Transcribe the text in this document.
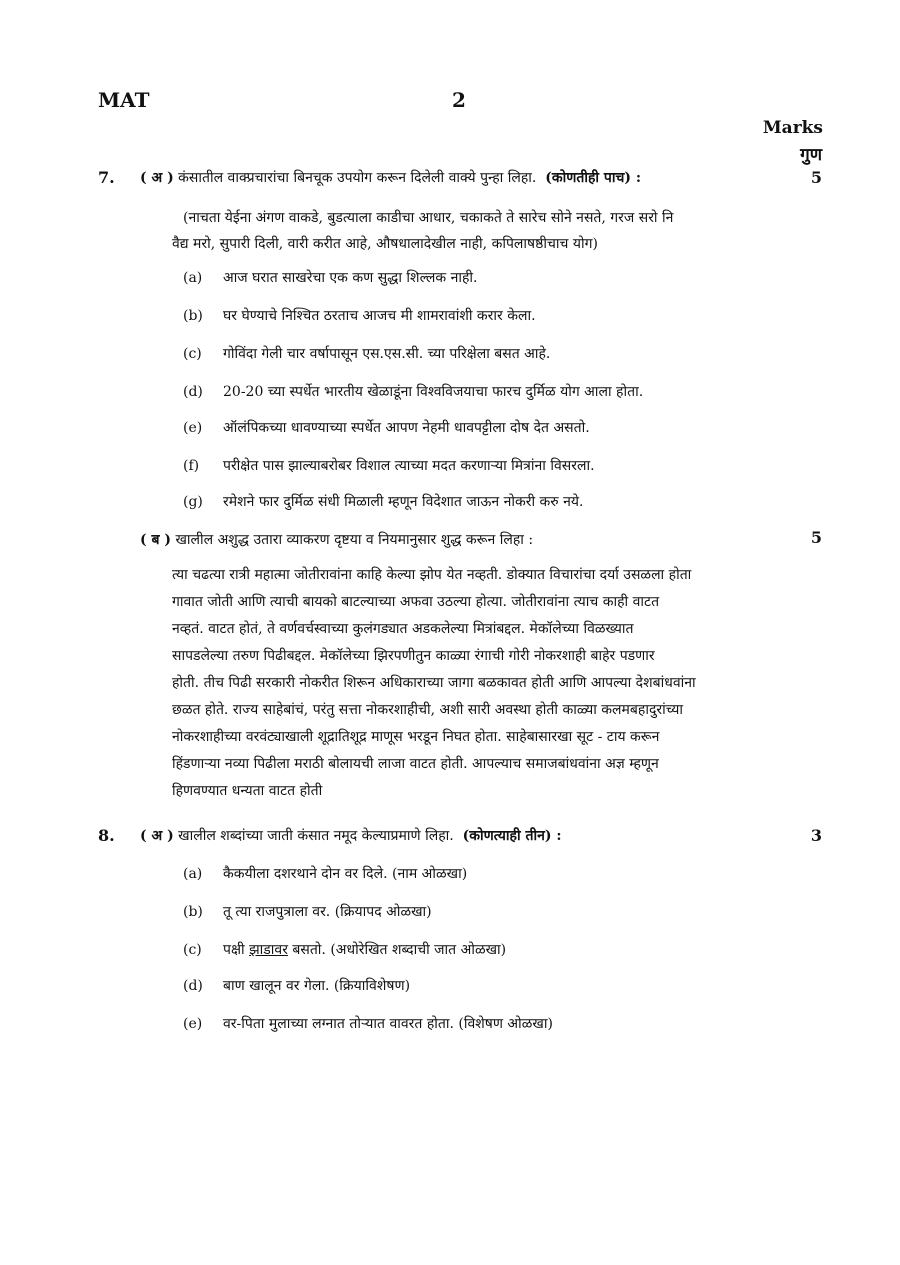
MAT	2
Marks
गुण
7. ( अ ) कंसातील वाक्प्रचारांचा बिनचूक उपयोग करून दिलेली वाक्ये पुन्हा लिहा. (कोणतीही पाच) :	5
(नाचता येईना अंगण वाकडे, बुडत्याला काडीचा आधार, चकाकते ते सारेच सोने नसते, गरज सरो नि
वैद्य मरो, सुपारी दिली, वारी करीत आहे, औषधालादेखील नाही, कपिलाषष्ठीचाच योग)
(a) आज घरात साखरेचा एक कण सुद्धा शिल्लक नाही.
(b) घर घेण्याचे निश्चित ठरताच आजच मी शामरावांशी करार केला.
(c) गोविंदा गेली चार वर्षापासून एस.एस.सी. च्या परिक्षेला बसत आहे.
(d) 20-20 च्या स्पर्धेत भारतीय खेळाडूंना विश्वविजयाचा फारच दुर्मिळ योग आला होता.
(e) ऑलंपिकच्या धावण्याच्या स्पर्धेत आपण नेहमी धावपट्टीला दोष देत असतो.
(f) परीक्षेत पास झाल्याबरोबर विशाल त्याच्या मदत करणाऱ्या मित्रांना विसरला.
(g) रमेशने फार दुर्मिळ संधी मिळाली म्हणून विदेशात जाऊन नोकरी करु नये.
( ब ) खालील अशुद्ध उतारा व्याकरण दृष्टया व नियमानुसार शुद्ध करून लिहा :	5
त्या चढत्या रात्री महात्मा जोतीरावांना काहि केल्या झोप येत नव्हती. डोक्यात विचारांचा दर्या उसळला होता
गावात जोती आणि त्याची बायको बाटल्याच्या अफवा उठल्या होत्या. जोतीरावांना त्याच काही वाटत
नव्हतं. वाटत होतं, ते वर्णवर्चस्वाच्या कुलंगड्यात अडकलेल्या मित्रांबद्दल. मेकॉलेच्या विळख्यात
सापडलेल्या तरुण पिढीबद्दल. मेकॉलेच्या झिरपणीतुन काळ्या रंगाची गोरी नोकरशाही बाहेर पडणार
होती. तीच पिढी सरकारी नोकरीत शिरून अधिकाराच्या जागा बळकावत होती आणि आपल्या देशबांधवांना
छळत होते. राज्य साहेबांचं, परंतु सत्ता नोकरशाहीची, अशी सारी अवस्था होती काळ्या कलमबहादुरांच्या
नोकरशाहीच्या वरवंट्याखाली शूद्रातिशूद्र माणूस भरडून निघत होता. साहेबासारखा सूट - टाय करून
हिंडणाऱ्या नव्या पिढीला मराठी बोलायची लाजा वाटत होती. आपल्याच समाजबांधवांना अज्ञ म्हणून
हिणवण्यात धन्यता वाटत होती
8. ( अ ) खालील शब्दांच्या जाती कंसात नमूद केल्याप्रमाणे लिहा. (कोणत्याही तीन) :	3
(a) कैकयीला दशरथाने दोन वर दिले. (नाम ओळखा)
(b) तू त्या राजपुत्राला वर. (क्रियापद ओळखा)
(c) पक्षी झाडावर बसतो. (अधोरेखित शब्दाची जात ओळखा)
(d) बाण खालून वर गेला. (क्रियाविशेषण)
(e) वर-पिता मुलाच्या लग्नात तोऱ्यात वावरत होता. (विशेषण ओळखा)
